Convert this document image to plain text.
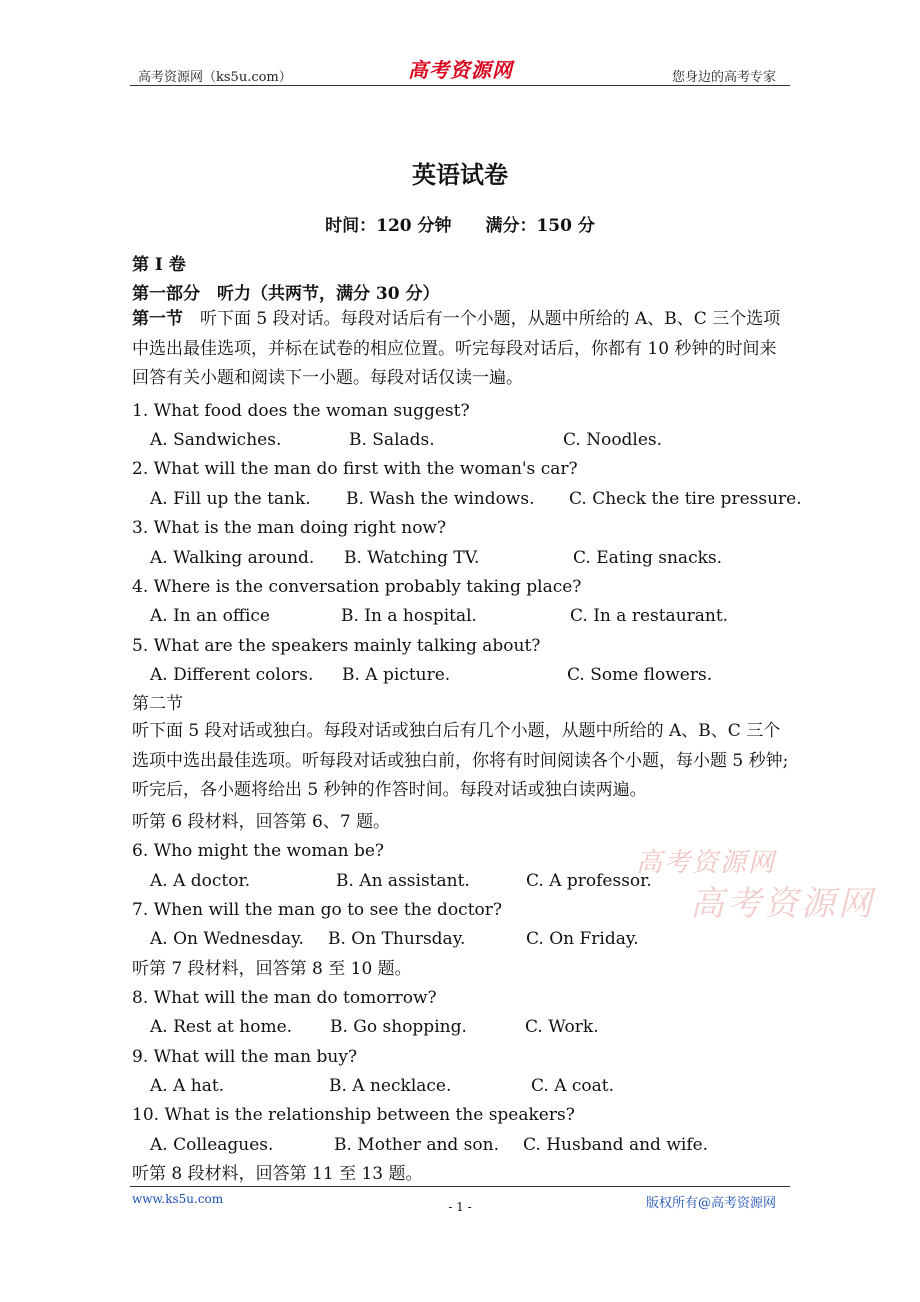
高考资源网（ks5u.com）	高考资源网	您身边的高考专家
英语试卷
时间：120 分钟 满分：150 分
第 I 卷
第一部分　听力（共两节，满分 30 分）
第一节　听下面 5 段对话。每段对话后有一个小题，从题中所给的 A、B、C 三个选项中选出最佳选项，并标在试卷的相应位置。听完每段对话后，你都有 10 秒钟的时间来回答有关小题和阅读下一小题。每段对话仅读一遍。
1. What food does the woman suggest?
A. Sandwiches.	B. Salads.	C. Noodles.
2. What will the man do first with the woman's car?
A. Fill up the tank. B. Wash the windows. C. Check the tire pressure.
3. What is the man doing right now?
A. Walking around. B. Watching TV.	C. Eating snacks.
4. Where is the conversation probably taking place?
A. In an office	B. In a hospital.	C. In a restaurant.
5. What are the speakers mainly talking about?
A. Different colors. B. A picture.	C. Some flowers.
第二节
听下面 5 段对话或独白。每段对话或独白后有几个小题，从题中所给的 A、B、C 三个选项中选出最佳选项。听每段对话或独白前，你将有时间阅读各个小题，每小题 5 秒钟;听完后，各小题将给出 5 秒钟的作答时间。每段对话或独白读两遍。
听第 6 段材料，回答第 6、7 题。
6. Who might the woman be?
A. A doctor.	B. An assistant.	C. A professor.
7. When will the man go to see the doctor?
A. On Wednesday. B. On Thursday.	C. On Friday.
听第 7 段材料，回答第 8 至 10 题。
8. What will the man do tomorrow?
A. Rest at home. B. Go shopping.	C. Work.
9. What will the man buy?
A. A hat.	B. A necklace.	C. A coat.
10. What is the relationship between the speakers?
A. Colleagues.	B. Mother and son. C. Husband and wife.
听第 8 段材料，回答第 11 至 13 题。
高考资源网
高考资源网
www.ks5u.com
- 1 -	版权所有@高考资源网
